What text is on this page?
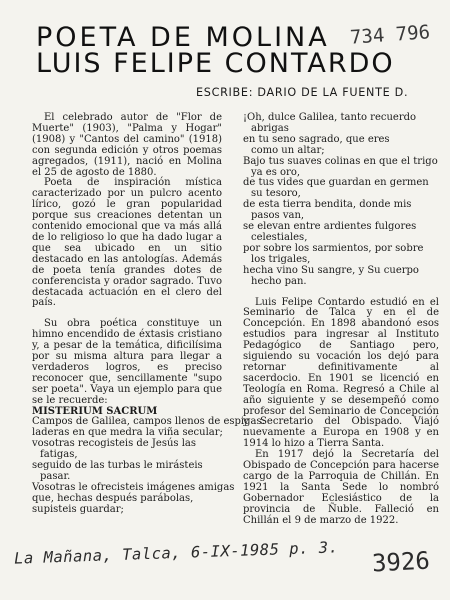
POETA DE MOLINA
LUIS FELIPE CONTARDO
734 796
ESCRIBE: DARIO DE LA FUENTE D.

El celebrado autor de "Flor de Muerte" (1903), "Palma y Hogar" (1908) y "Cantos del camino" (1918) con segunda edición y otros poemas agregados, (1911), nació en Molina el 25 de agosto de 1880.

Poeta de inspiración mística caracterizado por un pulcro acento lírico, gozó le gran popularidad porque sus creaciones detentan un contenido emocional que va más allá de lo religioso lo que ha dado lugar a que sea ubicado en un sitio destacado en las antologías. Además de poeta tenía grandes dotes de conferencista y orador sagrado. Tuvo destacada actuación en el clero del país.

Su obra poética constituye un himno encendido de éxtasis cristiano y, a pesar de la temática, dificilísima por su misma altura para llegar a verdaderos logros, es preciso reconocer que, sencillamente "supo ser poeta". Vaya un ejemplo para que se le recuerde:

MISTERIUM SACRUM
Campos de Galilea, campos llenos de espigas:
laderas en que medra la viña secular;
vosotras recogisteis de Jesús las
fatigas,
seguido de las turbas le mirásteis
pasar.
Vosotras le ofrecisteis imágenes amigas
que, hechas después parábolas,
supisteis guardar;
¡Oh, dulce Galilea, tanto recuerdo
abrigas
en tu seno sagrado, que eres
como un altar;
Bajo tus suaves colinas en que el trigo
ya es oro,
de tus vides que guardan en germen
su tesoro,
de esta tierra bendita, donde mis
pasos van,
se elevan entre ardientes fulgores
celestiales,
por sobre los sarmientos, por sobre
los trigales,
hecha vino Su sangre, y Su cuerpo
hecho pan.

Luis Felipe Contardo estudió en el Seminario de Talca y en el de Concepción. En 1898 abandonó esos estudios para ingresar al Instituto Pedagógico de Santiago pero, siguiendo su vocación los dejó para retornar definitivamente al sacerdocio. En 1901 se licenció en Teología en Roma. Regresó a Chile al año siguiente y se desempeñó como profesor del Seminario de Concepción y Secretario del Obispado. Viajó nuevamente a Europa en 1908 y en 1914 lo hizo a Tierra Santa.

En 1917 dejó la Secretaría del Obispado de Concepción para hacerse cargo de la Parroquia de Chillán. En 1921 la Santa Sede lo nombró Gobernador Eclesiástico de la provincia de Ñuble. Falleció en Chillán el 9 de marzo de 1922.

La Mañana, Talca, 6-IX-1985 p. 3. 3926
